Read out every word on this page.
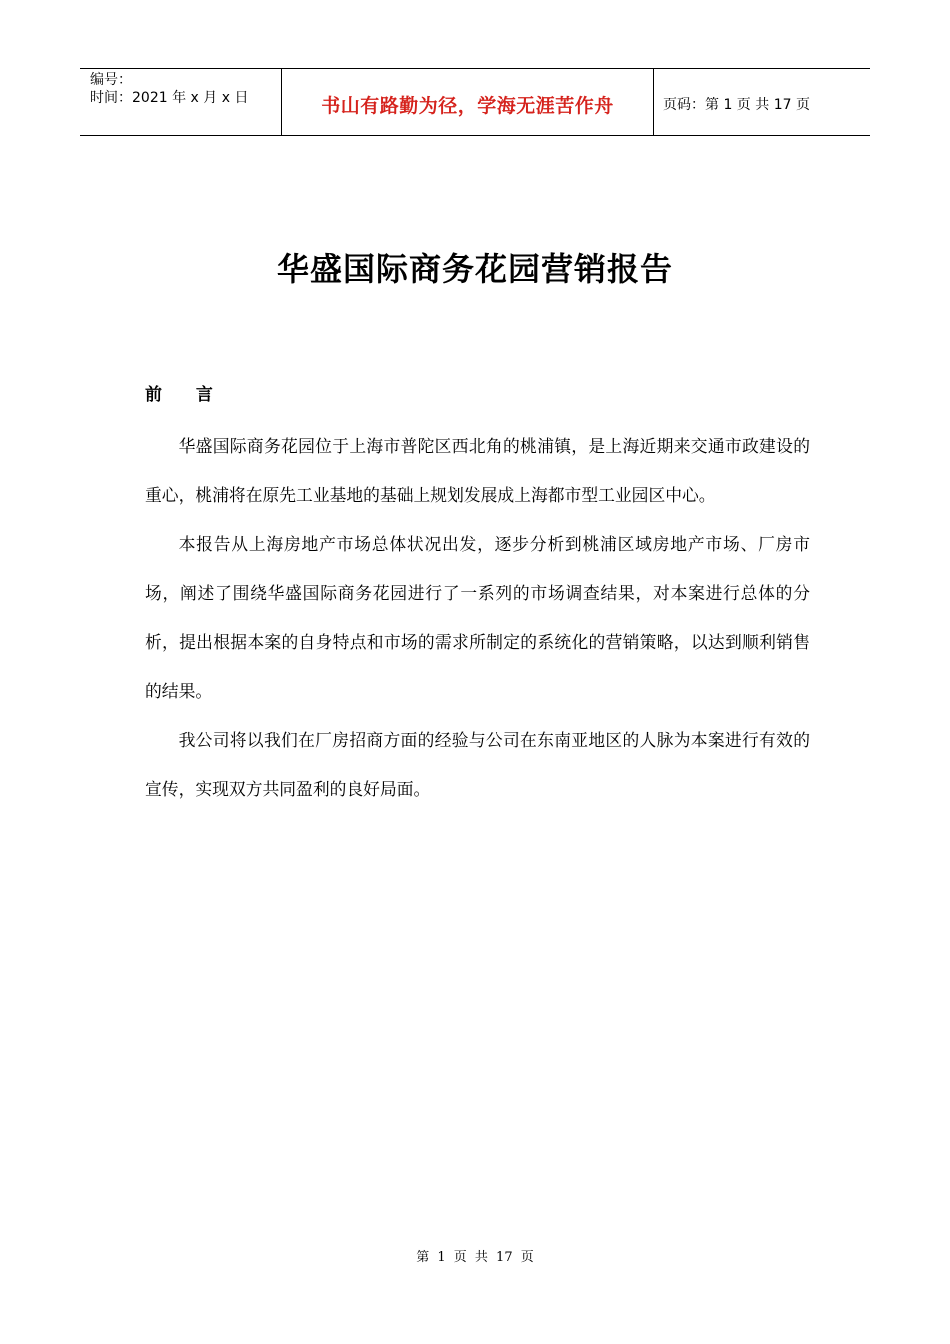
编号：
时间：2021 年 x 月 x 日	书山有路勤为径，学海无涯苦作舟	页码：第 1 页 共 17 页
华盛国际商务花园营销报告
前 言

华盛国际商务花园位于上海市普陀区西北角的桃浦镇，是上海近期来交通市政建设的重心，桃浦将在原先工业基地的基础上规划发展成上海都市型工业园区中心。

本报告从上海房地产市场总体状况出发，逐步分析到桃浦区域房地产市场、厂房市场，阐述了围绕华盛国际商务花园进行了一系列的市场调查结果，对本案进行总体的分析，提出根据本案的自身特点和市场的需求所制定的系统化的营销策略，以达到顺利销售的结果。

我公司将以我们在厂房招商方面的经验与公司在东南亚地区的人脉为本案进行有效的宣传，实现双方共同盈利的良好局面。

第 1 页 共 17 页
